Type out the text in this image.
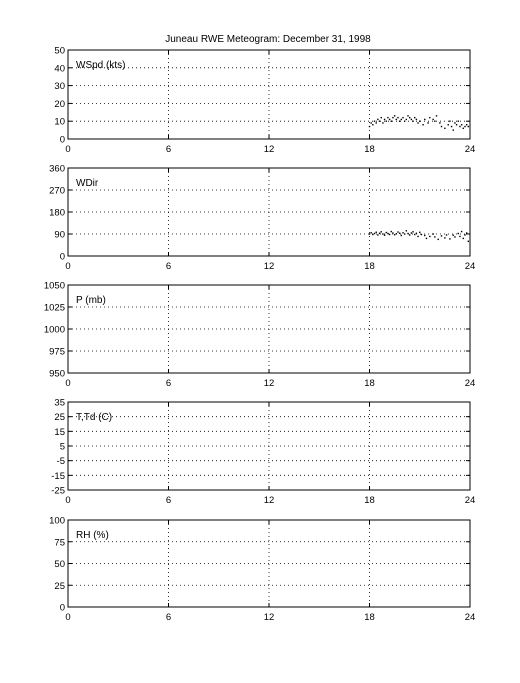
Juneau RWE Meteogram: December 31, 1998
0	6	12	18	24
0
10
20
30
40
50
WSpd (kts)
0	6	12	18	24
0
90
180
270
360
WDir
0	6	12	18	24
950
975
1000
1025
1050
P (mb)
0	6	12	18	24
-25
-15
-5
5
15
25
35
T,Td (C)
0	6	12	18	24
0
25
50
75
100
RH (%)
